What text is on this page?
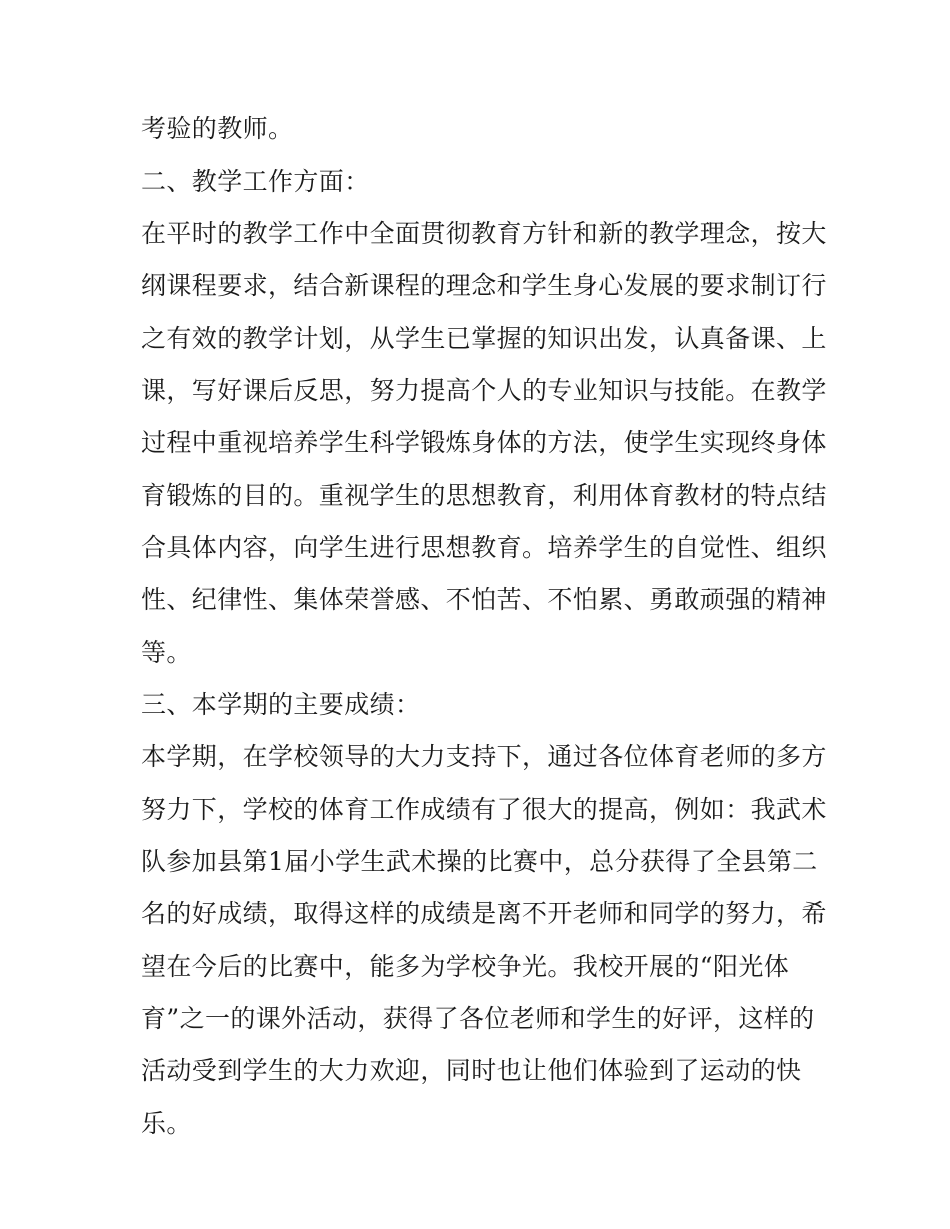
考验的教师。
二、教学工作方面：
在平时的教学工作中全面贯彻教育方针和新的教学理念，按大
纲课程要求，结合新课程的理念和学生身心发展的要求制订行
之有效的教学计划，从学生已掌握的知识出发，认真备课、上
课，写好课后反思，努力提高个人的专业知识与技能。在教学
过程中重视培养学生科学锻炼身体的方法，使学生实现终身体
育锻炼的目的。重视学生的思想教育，利用体育教材的特点结
合具体内容，向学生进行思想教育。培养学生的自觉性、组织
性、纪律性、集体荣誉感、不怕苦、不怕累、勇敢顽强的精神
等。
三、本学期的主要成绩：
本学期，在学校领导的大力支持下，通过各位体育老师的多方
努力下，学校的体育工作成绩有了很大的提高，例如：我武术
队参加县第1届小学生武术操的比赛中，总分获得了全县第二
名的好成绩，取得这样的成绩是离不开老师和同学的努力，希
望在今后的比赛中，能多为学校争光。我校开展的“阳光体
育”之一的课外活动，获得了各位老师和学生的好评，这样的
活动受到学生的大力欢迎，同时也让他们体验到了运动的快
乐。
